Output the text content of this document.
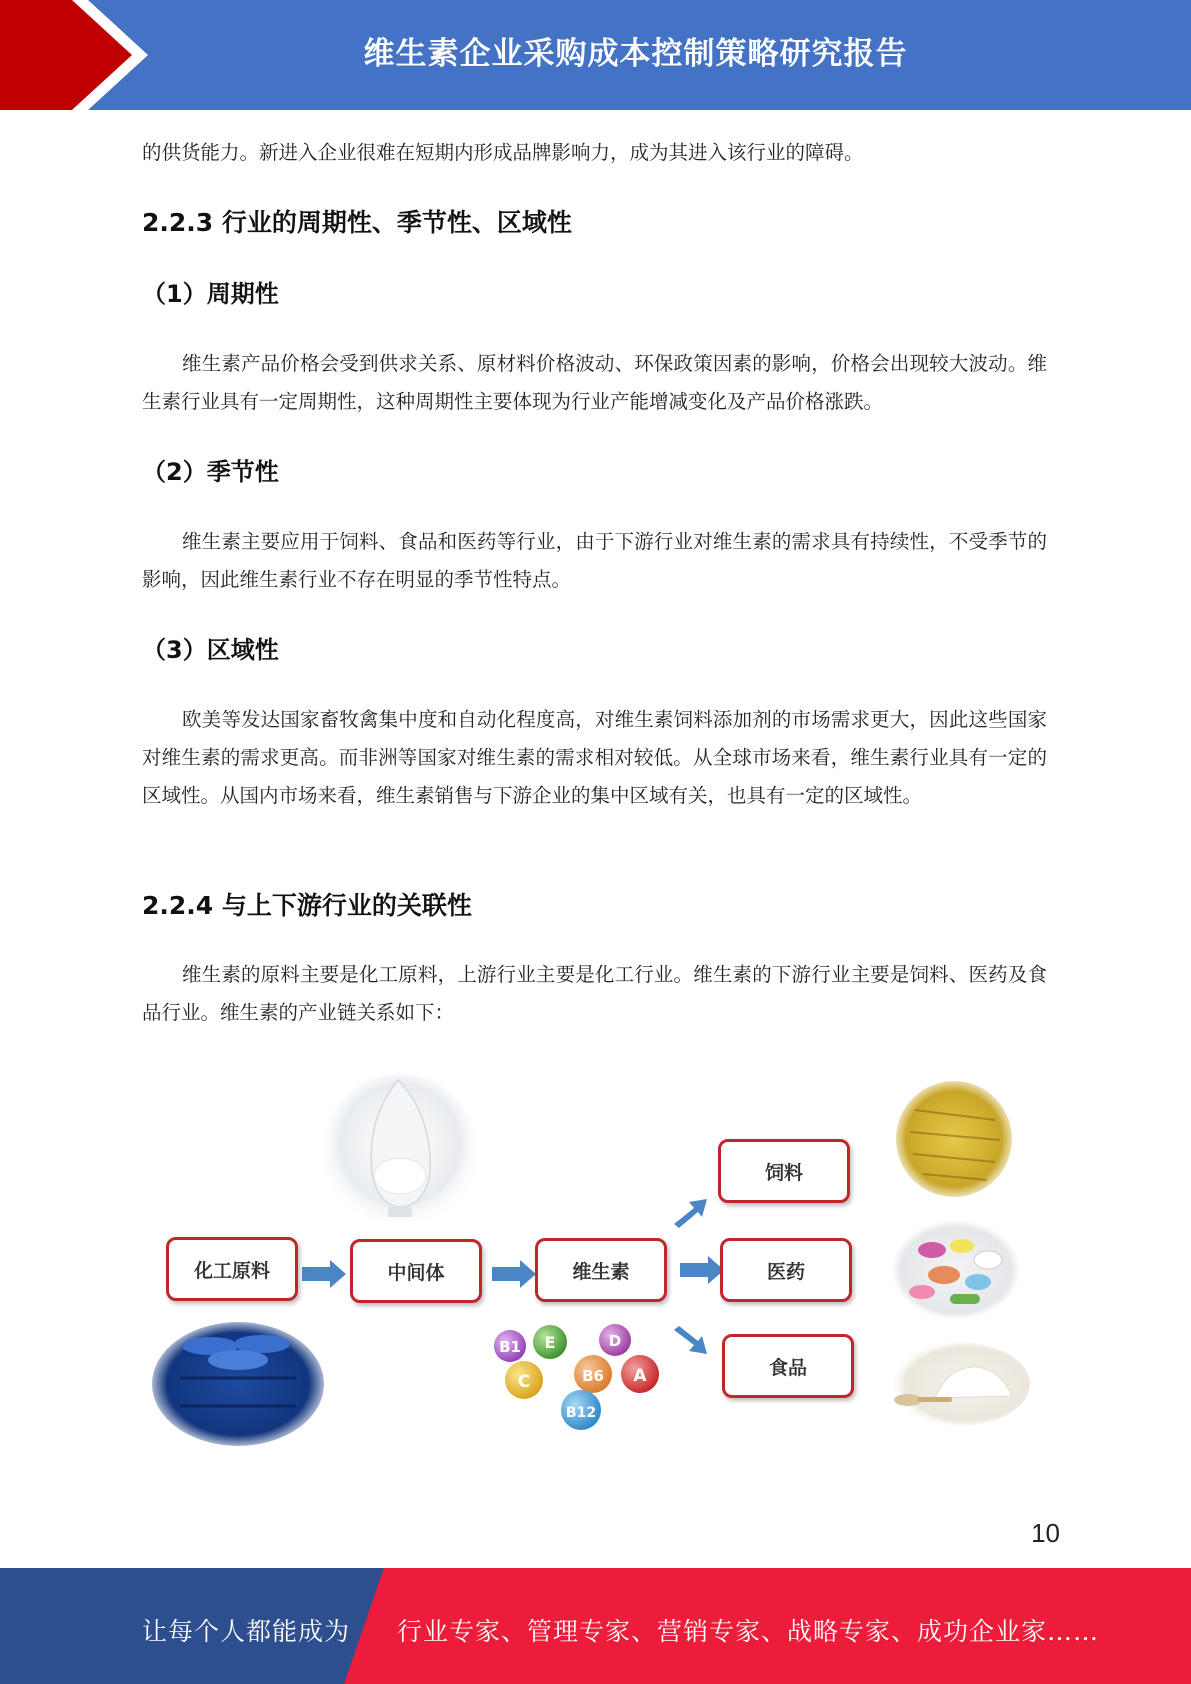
维生素企业采购成本控制策略研究报告
的供货能力。新进入企业很难在短期内形成品牌影响力，成为其进入该行业的障碍。
2.2.3 行业的周期性、季节性、区域性
（1）周期性
维生素产品价格会受到供求关系、原材料价格波动、环保政策因素的影响，价格会出现较大波动。维生素行业具有一定周期性，这种周期性主要体现为行业产能增减变化及产品价格涨跌。
（2）季节性
维生素主要应用于饲料、食品和医药等行业，由于下游行业对维生素的需求具有持续性，不受季节的影响，因此维生素行业不存在明显的季节性特点。
（3）区域性
欧美等发达国家畜牧禽集中度和自动化程度高，对维生素饲料添加剂的市场需求更大，因此这些国家对维生素的需求更高。而非洲等国家对维生素的需求相对较低。从全球市场来看，维生素行业具有一定的区域性。从国内市场来看，维生素销售与下游企业的集中区域有关，也具有一定的区域性。
2.2.4 与上下游行业的关联性
维生素的原料主要是化工原料，上游行业主要是化工行业。维生素的下游行业主要是饲料、医药及食品行业。维生素的产业链关系如下：
B1 E	D
C	B6 A
B12
化工原料	中间体	维生素
饲料
医药
食品
10
让每个人都能成为 行业专家、管理专家、营销专家、战略专家、成功企业家……
